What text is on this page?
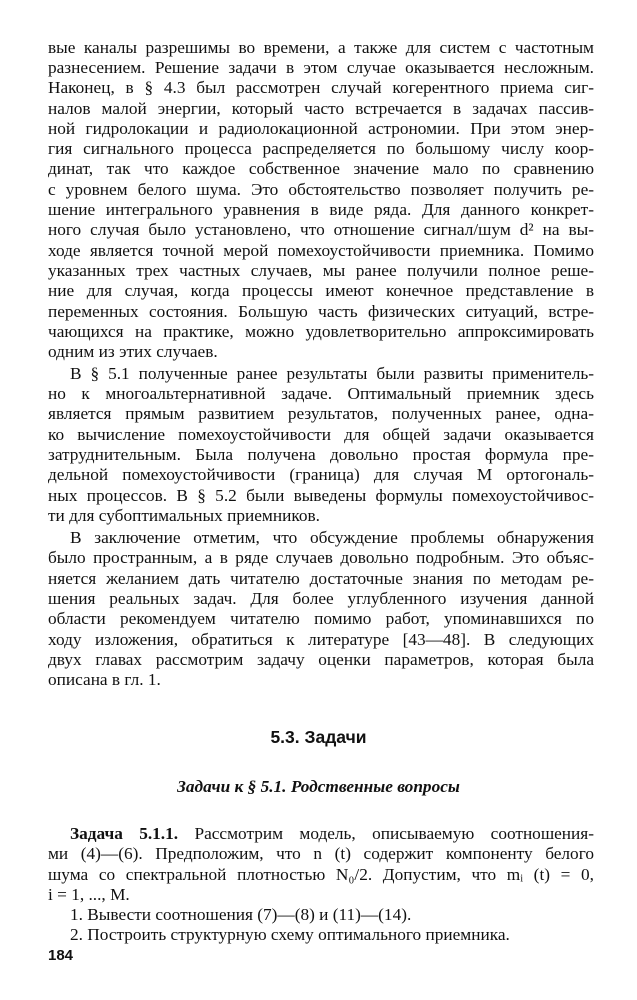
вые каналы разрешимы во времени, а также для систем с частотным
разнесением. Решение задачи в этом случае оказывается несложным.
Наконец, в § 4.3 был рассмотрен случай когерентного приема сиг-
налов малой энергии, который часто встречается в задачах пассив-
ной гидролокации и радиолокационной астрономии. При этом энер-
гия сигнального процесса распределяется по большому числу коор-
динат, так что каждое собственное значение мало по сравнению
с уровнем белого шума. Это обстоятельство позволяет получить ре-
шение интегрального уравнения в виде ряда. Для данного конкрет-
ного случая было установлено, что отношение сигнал/шум d² на вы-
ходе является точной мерой помехоустойчивости приемника. Помимо
указанных трех частных случаев, мы ранее получили полное реше-
ние для случая, когда процессы имеют конечное представление в
переменных состояния. Большую часть физических ситуаций, встре-
чающихся на практике, можно удовлетворительно аппроксимировать
одним из этих случаев.
В § 5.1 полученные ранее результаты были развиты применитель-
но к многоальтернативной задаче. Оптимальный приемник здесь
является прямым развитием результатов, полученных ранее, одна-
ко вычисление помехоустойчивости для общей задачи оказывается
затруднительным. Была получена довольно простая формула пре-
дельной помехоустойчивости (граница) для случая M ортогональ-
ных процессов. В § 5.2 были выведены формулы помехоустойчивос-
ти для субоптимальных приемников.
В заключение отметим, что обсуждение проблемы обнаружения
было пространным, а в ряде случаев довольно подробным. Это объяс-
няется желанием дать читателю достаточные знания по методам ре-
шения реальных задач. Для более углубленного изучения данной
области рекомендуем читателю помимо работ, упоминавшихся по
ходу изложения, обратиться к литературе [43—48]. В следующих
двух главах рассмотрим задачу оценки параметров, которая была
описана в гл. 1.
5.3. Задачи
Задачи к § 5.1. Родственные вопросы
Задача 5.1.1. Рассмотрим модель, описываемую соотношения-
ми (4)—(6). Предположим, что n (t) содержит компоненту белого
шума со спектральной плотностью N₀/2. Допустим, что mᵢ (t) = 0,
i = 1, ..., M.
1. Вывести соотношения (7)—(8) и (11)—(14).
2. Построить структурную схему оптимального приемника.
184
